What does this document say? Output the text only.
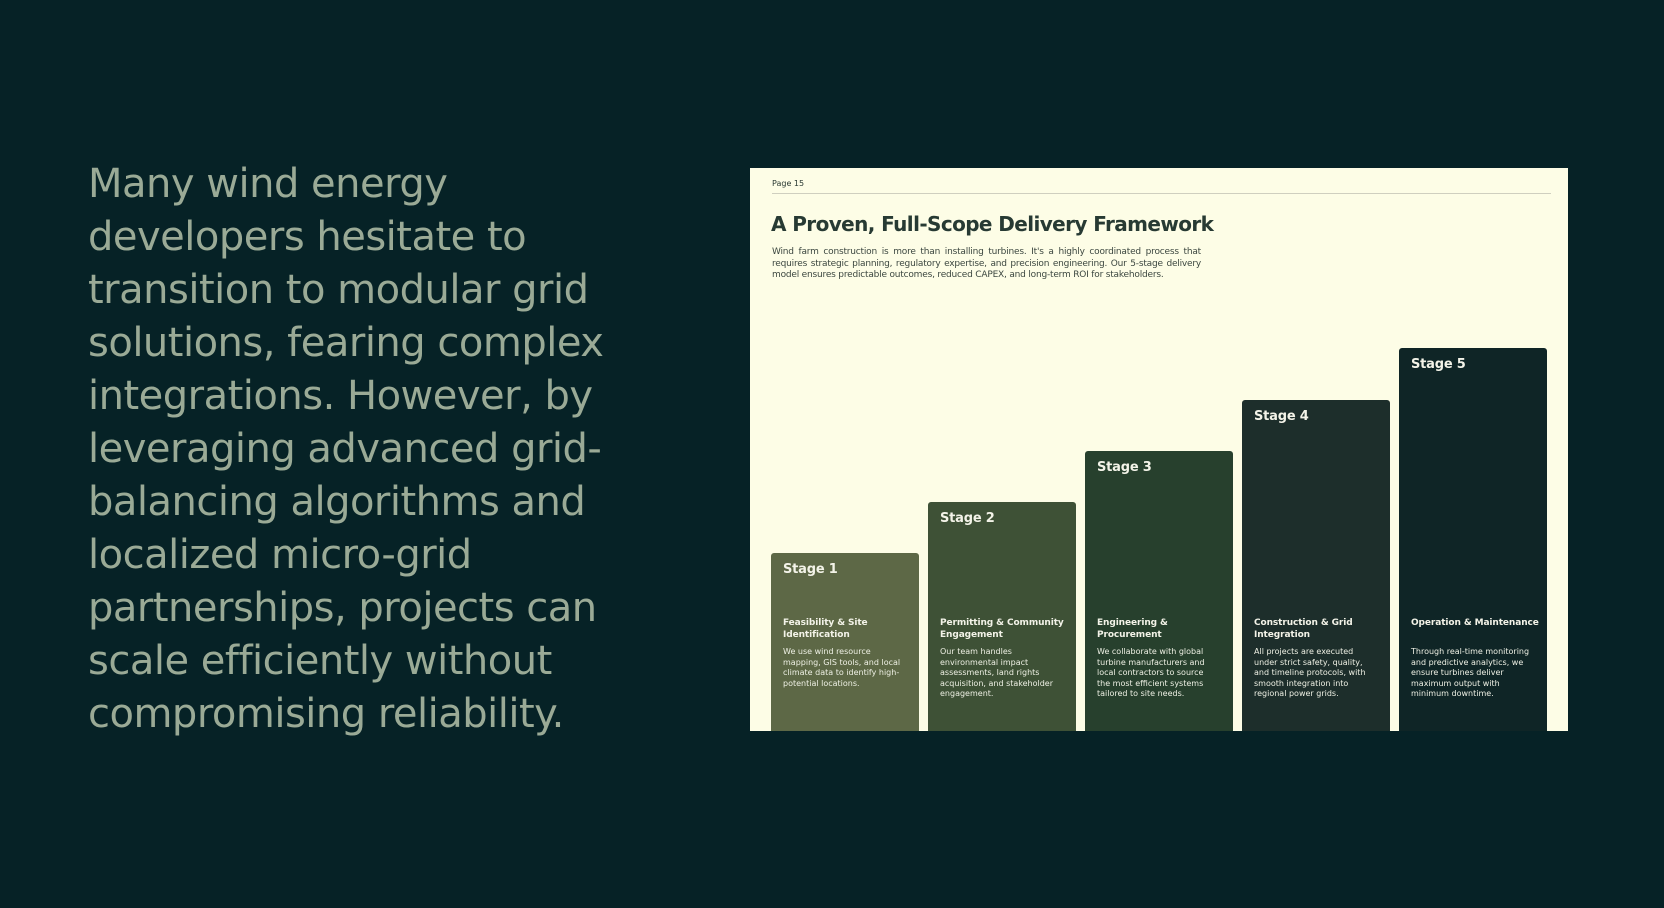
Many wind energy developers hesitate to transition to modular grid solutions, fearing complex integrations. However, by leveraging advanced grid-balancing algorithms and localized micro-grid partnerships, projects can scale efficiently without compromising reliability.

Page 15
A Proven, Full-Scope Delivery Framework

Wind farm construction is more than installing turbines. It's a highly coordinated process that requires strategic planning, regulatory expertise, and precision engineering. Our 5-stage delivery model ensures predictable outcomes, reduced CAPEX, and long-term ROI for stakeholders.

Stage 1
Feasibility & Site Identification
We use wind resource mapping, GIS tools, and local climate data to identify high-potential locations.
Stage 2
Permitting & Community Engagement
Our team handles environmental impact assessments, land rights acquisition, and stakeholder engagement.
Stage 3
Engineering & Procurement
We collaborate with global turbine manufacturers and local contractors to source the most efficient systems tailored to site needs.
Stage 4
Construction & Grid Integration
All projects are executed under strict safety, quality, and timeline protocols, with smooth integration into regional power grids.
Stage 5
Operation & Maintenance
Through real-time monitoring and predictive analytics, we ensure turbines deliver maximum output with minimum downtime.
